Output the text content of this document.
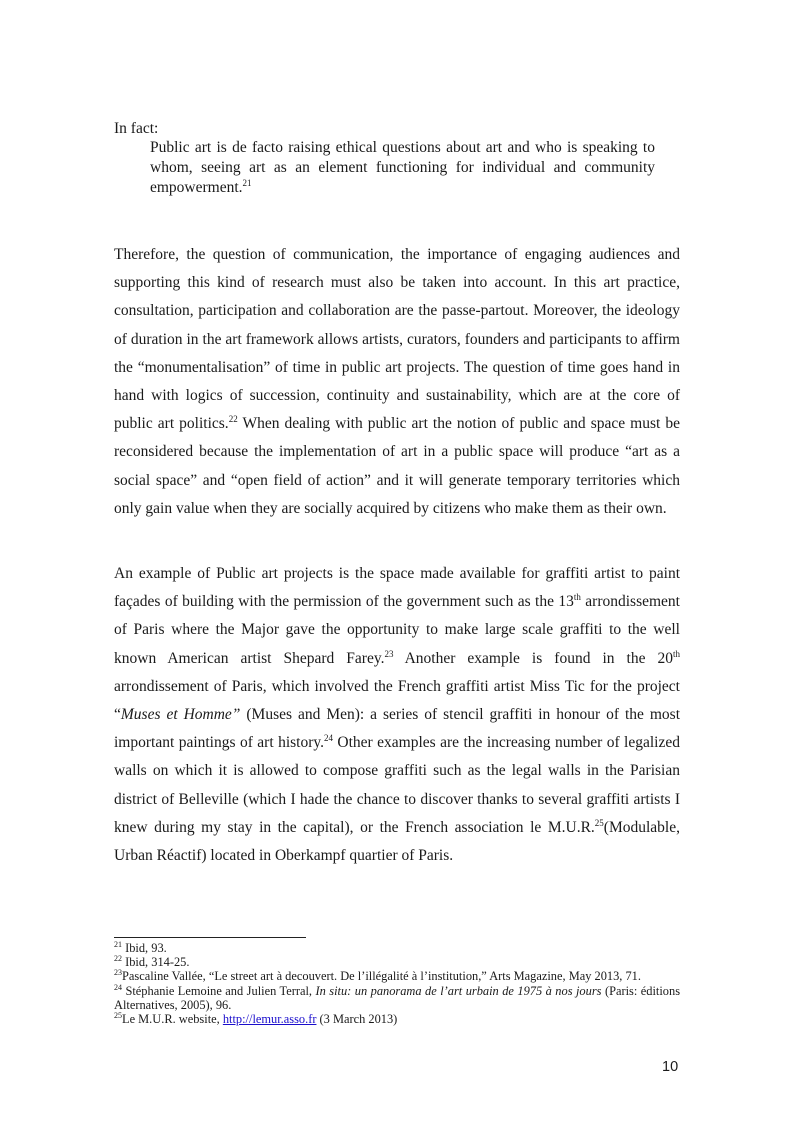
In fact:

Public art is de facto raising ethical questions about art and who is speaking to whom, seeing art as an element functioning for individual and community empowerment.$^{21}$

Therefore, the question of communication, the importance of engaging audiences and supporting this kind of research must also be taken into account. In this art practice, consultation, participation and collaboration are the passe-partout. Moreover, the ideology of duration in the art framework allows artists, curators, founders and participants to affirm the “monumentalisation” of time in public art projects. The question of time goes hand in hand with logics of succession, continuity and sustainability, which are at the core of public art politics.$^{22}$ When dealing with public art the notion of public and space must be reconsidered because the implementation of art in a public space will produce “art as a social space” and “open field of action” and it will generate temporary territories which only gain value when they are socially acquired by citizens who make them as their own.

An example of Public art projects is the space made available for graffiti artist to paint façades of building with the permission of the government such as the 13th arrondissement of Paris where the Major gave the opportunity to make large scale graffiti to the well known American artist Shepard Farey.$^{23}$ Another example is found in the 20th arrondissement of Paris, which involved the French graffiti artist Miss Tic for the project “Muses et Homme” (Muses and Men): a series of stencil graffiti in honour of the most important paintings of art history.$^{24}$ Other examples are the increasing number of legalized walls on which it is allowed to compose graffiti such as the legal walls in the Parisian district of Belleville (which I hade the chance to discover thanks to several graffiti artists I knew during my stay in the capital), or the French association le M.U.R.$^{25}$(Modulable, Urban Réactif) located in Oberkampf quartier of Paris.

$^{21}$ Ibid, 93.
$^{22}$ Ibid, 314-25.
$^{23}$Pascaline Vallée, “Le street art à decouvert. De l’illégalité à l’institution,” Arts Magazine, May 2013, 71.
$^{24}$ Stéphanie Lemoine and Julien Terral, In situ: un panorama de l’art urbain de 1975 à nos jours (Paris: éditions Alternatives, 2005), 96.
$^{25}$Le M.U.R. website, http://lemur.asso.fr (3 March 2013)
10
